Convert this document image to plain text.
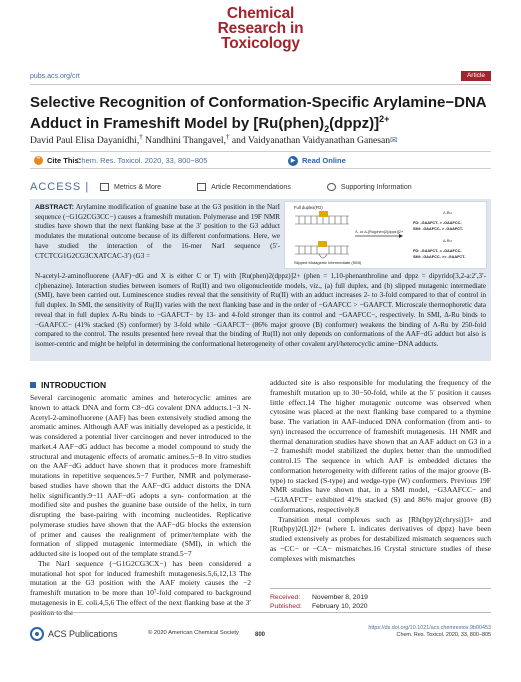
Chemical
Research in
Toxicology
pubs.acs.org/crt	Article
Selective Recognition of Conformation-Specific Arylamine−DNA Adduct in Frameshift Model by $[Ru(phen)_2(dppz)]^{2+}$
David Paul Elisa Dayanidhi,† Nandhini Thangavel,† and Vaidyanathan Vaidyanathan Ganesan✉
❝ Cite This:
Chem. Res. Toxicol. 2020, 33, 800−805	▶ Read Online
ACCESS |	Metrics & More	Article Recommendations	Supporting Information
ABSTRACT: Arylamine modification of guanine base at the G3 position in the NarI sequence (−G1G2CG3CC−) causes a frameshift mutation. Polymerase and 19F NMR studies have shown that the next flanking base at the 3′ position to the G3 adduct modulates the mutational outcome because of its different conformations. Here, we have studied the interaction of the 16-mer NarI sequence (5′-CTCTCG1G2CG3CXATCAC-3′) (G3 =
Full duplex(FD)
Slipped Mutagenic Intermediate (SMI)
Λ- or Δ-[Ru(phen)2(dppz)]2+
Λ-Ru
FD: -GAAFCT- > -GAAFCC-
SMI: -GAAFCC- > -GAAFCT-
Δ-Ru
FD: -GAAFCT- = -GAAFCC-
SMI: -GAAFCC- >> -GAAFCT-
N-acetyl-2-aminofluorene (AAF)−dG and X is either C or T) with [Ru(phen)2(dppz)]2+ (phen = 1,10-phenanthroline and dppz = dipyrido[3,2-a:2′,3′-c]phenazine). Interaction studies between isomers of Ru(II) and two oligonucleotide models, viz., (a) full duplex, and (b) slipped mutagenic intermediate (SMI), have been carried out. Luminescence studies reveal that the sensitivity of Ru(II) with an adduct increases 2- to 3-fold compared to that of control in full duplex. In SMI, the sensitivity of Ru(II) varies with the next flanking base and in the order of −GAAFCC > −GAAFCT. Microscale thermophoretic data reveal that in full duplex Λ-Ru binds to −GAAFCT− by 13- and 4-fold stronger than its control and −GAAFCC−, respectively. In SMI, Δ-Ru binds to −GAAFCC− (41% stacked (S) conformer) by 3-fold while −GAAFCT− (86% major groove (B) conformer) weakens the binding of Λ-Ru by 250-fold compared to the control. The results presented here reveal that the binding of Ru(II) not only depends on conformations of the AAF−dG adduct but also is isomer-centric and might be helpful in determining the conformational heterogeneity of other covalent aryl/heterocyclic amine−DNA adducts.
INTRODUCTION

Several carcinogenic aromatic amines and heterocyclic amines are known to attack DNA and form C8−dG covalent DNA adducts.1−3 N-Acetyl-2-aminofluorene (AAF) has been extensively studied among the aromatic amines. Although AAF was initially developed as a pesticide, it was considered a potential liver carcinogen and never introduced to the market.4 AAF−dG adduct has become a model compound to study the structural and mutagenic effects of aromatic amines.5−8 In vitro studies on the AAF−dG adduct have shown that it produces more frameshift mutations in repetitive sequences.5−7 Further, NMR and polymerase-based studies have shown that the AAF−dG adduct distorts the DNA helix significantly.9−11 AAF−dG adopts a syn- conformation at the modified site and pushes the guanine base outside of the helix, in turn disrupting the base-pairing with incoming nucleotides. Replicative polymerase studies have shown that the AAF−dG blocks the extension of primer and causes the realignment of primer/template with the formation of slipped mutagenic intermediate (SMI), in which the adducted site is looped out of the template strand.5−7

The NarI sequence (−G1G2CG3CX−) has been considered a mutational hot spot for induced frameshift mutagenesis.5,6,12,13 The mutation at the G3 position with the AAF moiety causes the −2 frameshift mutation to be more than 10⁷-fold compared to background mutagenesis in E. coli.4,5,6 The effect of the next flanking base at the 3′ position to the

adducted site is also responsible for modulating the frequency of the frameshift mutation up to 30−50-fold, while at the 5′ position it causes little effect.14 The higher mutagenic outcome was observed when cytosine was placed at the next flanking base compared to a thymine base. The variation in AAF-induced DNA conformation (from anti- to syn) increased the occurrence of frameshift mutagenesis. 1H NMR and thermal denaturation studies have shown that an AAF adduct on G3 in a −2 frameshift model stabilized the duplex better than the unmodified control.15 The sequence in which AAF is embedded dictates the conformation heterogeneity with different ratios of the major groove (B-type) to stacked (S-type) and wedge-type (W) conformers. Previous 19F NMR studies have shown that, in a SMI model, −G3AAFCC− and −G3AAFCT− exhibited 41% stacked (S) and 86% major groove (B) conformations, respectively.8

Transition metal complexes such as [Rh(bpy)2(chrysi)]3+ and [Ru(bpy)2(L)]2+ (where L indicates derivatives of dppz) have been studied extensively as probes for destabilized mismatch sequences such as −CC− or −CA− mismatches.16 Crystal structure studies of these complexes with mismatches

Received: November 8, 2019
Published: February 10, 2020
ACS Publications	© 2020 American Chemical Society	800
https://dx.doi.org/10.1021/acs.chemrestox.9b00453
Chem. Res. Toxicol. 2020, 33, 800−805
